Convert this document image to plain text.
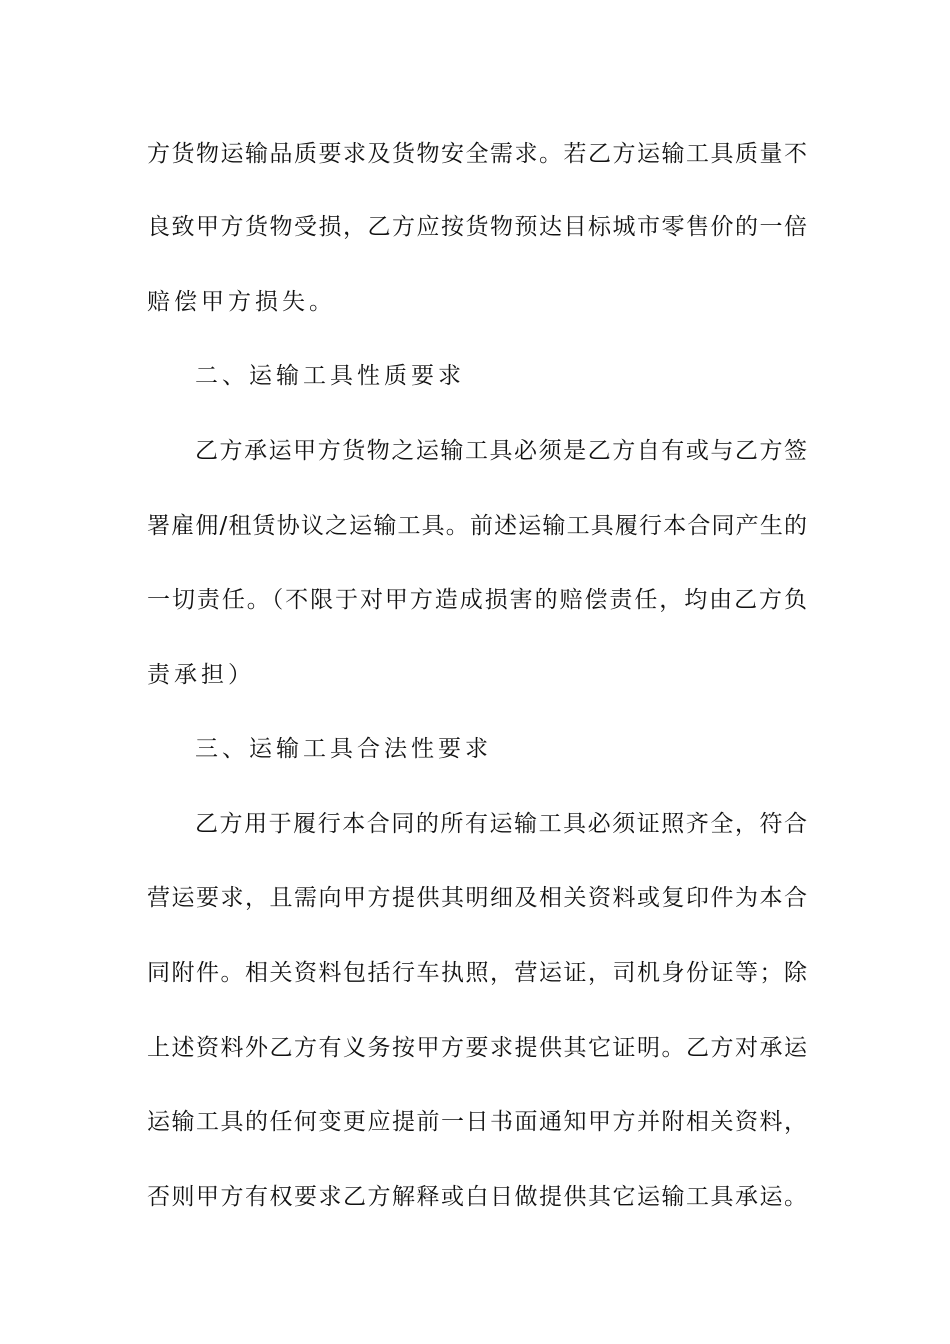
方货物运输品质要求及货物安全需求。若乙方运输工具质量不
良致甲方货物受损，乙方应按货物预达目标城市零售价的一倍
赔偿甲方损失。
二、运输工具性质要求
乙方承运甲方货物之运输工具必须是乙方自有或与乙方签
署雇佣/租赁协议之运输工具。前述运输工具履行本合同产生的
一切责任。（不限于对甲方造成损害的赔偿责任，均由乙方负
责承担）
三、运输工具合法性要求
乙方用于履行本合同的所有运输工具必须证照齐全，符合
营运要求，且需向甲方提供其明细及相关资料或复印件为本合
同附件。相关资料包括行车执照，营运证，司机身份证等；除
上述资料外乙方有义务按甲方要求提供其它证明。乙方对承运
运输工具的任何变更应提前一日书面通知甲方并附相关资料，
否则甲方有权要求乙方解释或白日做提供其它运输工具承运。
